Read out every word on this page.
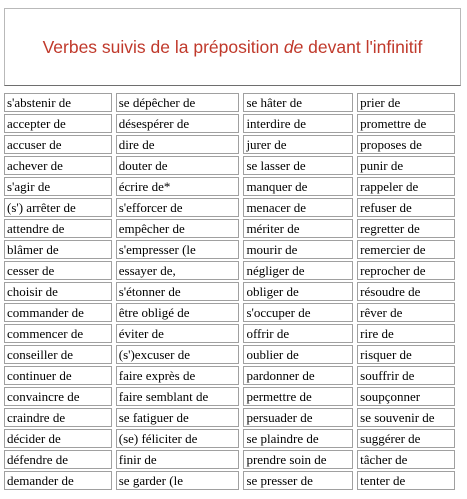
Verbes suivis de la préposition de devant l'infinitif
s'abstenir de	se dépêcher de	se hâter de	prier de
accepter de	désespérer de	interdire de	promettre de
accuser de	dire de	jurer de	proposes de
achever de	douter de	se lasser de	punir de
s'agir de	écrire de*	manquer de	rappeler de
(s') arrêter de	s'efforcer de	menacer de	refuser de
attendre de	empêcher de	mériter de	regretter de
blâmer de	s'empresser (le	mourir de	remercier de
cesser de	essayer de,	négliger de	reprocher de
choisir de	s'étonner de	obliger de	résoudre de
commander de	être obligé de	s'occuper de	rêver de
commencer de	éviter de	offrir de	rire de
conseiller de	(s')excuser de	oublier de	risquer de
continuer de	faire exprès de	pardonner de	souffrir de
convaincre de	faire semblant de	permettre de	soupçonner
craindre de	se fatiguer de	persuader de	se souvenir de
décider de	(se) féliciter de	se plaindre de	suggérer de
défendre de	finir de	prendre soin de	tâcher de
demander de	se garder (le	se presser de	tenter de
